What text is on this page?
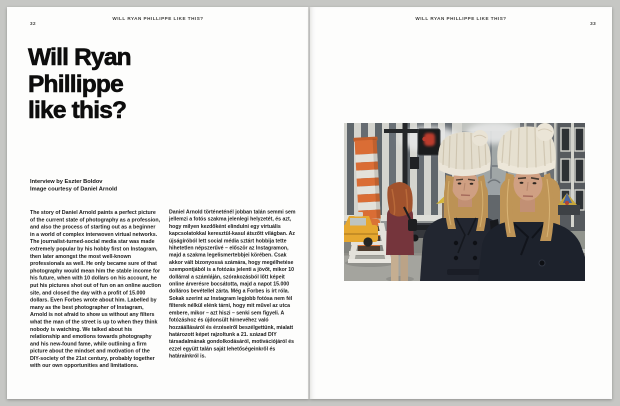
32
WILL RYAN PHILLIPPE LIKE THIS?
Will Ryan
Phillippe
like this?
Interview by Eszter Boldov
Image courtesy of Daniel Arnold
The story of Daniel Arnold paints a perfect picture of the current state of photography as a profession, and also the process of starting out as a beginner in a world of complex interwoven virtual networks. The journalist-turned-social media star was made extremely popular by his hobby first on Instagram, then later amongst the most well-known professionals as well. He only became sure of that photography would mean him the stable income for his future, when with 10 dollars on his account, he put his pictures shot out of fun on an online auction site, and closed the day with a profit of 15.000 dollars. Even Forbes wrote about him. Labelled by many as the best photographer of Instagram, Arnold is not afraid to show us without any filters what the man of the street is up to when they think nobody is watching. We talked about his relationship and emotions towards photography and his new-found fame, while outlining a firm picture about the mindset and motivation of the DIY-society of the 21st century, probably together with our own opportunities and limitations.
Daniel Arnold történeténél jobban talán semmi sem jellemzi a fotós szakma jelenlegi helyzetét, és azt, hogy milyen kezdőként elindulni egy virtuális kapcsolatokkal keresztül-kasul átszőtt világban. Az újságíróból lett social média sztárt hobbija tette hihetetlen népszerűvé – először az Instagramon, majd a szakma legelismertebbjei körében. Csak akkor vált bizonyossá számára, hogy megélhetése szempontjából is a fotózás jelenti a jövőt, mikor 10 dollárral a számláján, szórakozásból lőtt képeit online árverésre bocsátotta, majd a napot 15.000 dolláros bevétellel zárta. Még a Forbes is írt róla. Sokak szerint az Instagram legjobb fotósa nem fél filterek nélkül elénk tárni, hogy mit művel az utca embere, mikor – azt hiszi – senki sem figyeli. A fotózáshoz és újdonsült hírnevéhez való hozzáállásáról és érzéseiről beszélgettünk, mialatt határozott képet rajzoltunk a 21. század DIY társadalmának gondolkodásáról, motivációjáról és ezzel együtt talán saját lehetőségeinkről és határainkról is.
WILL RYAN PHILLIPPE LIKE THIS?
33
